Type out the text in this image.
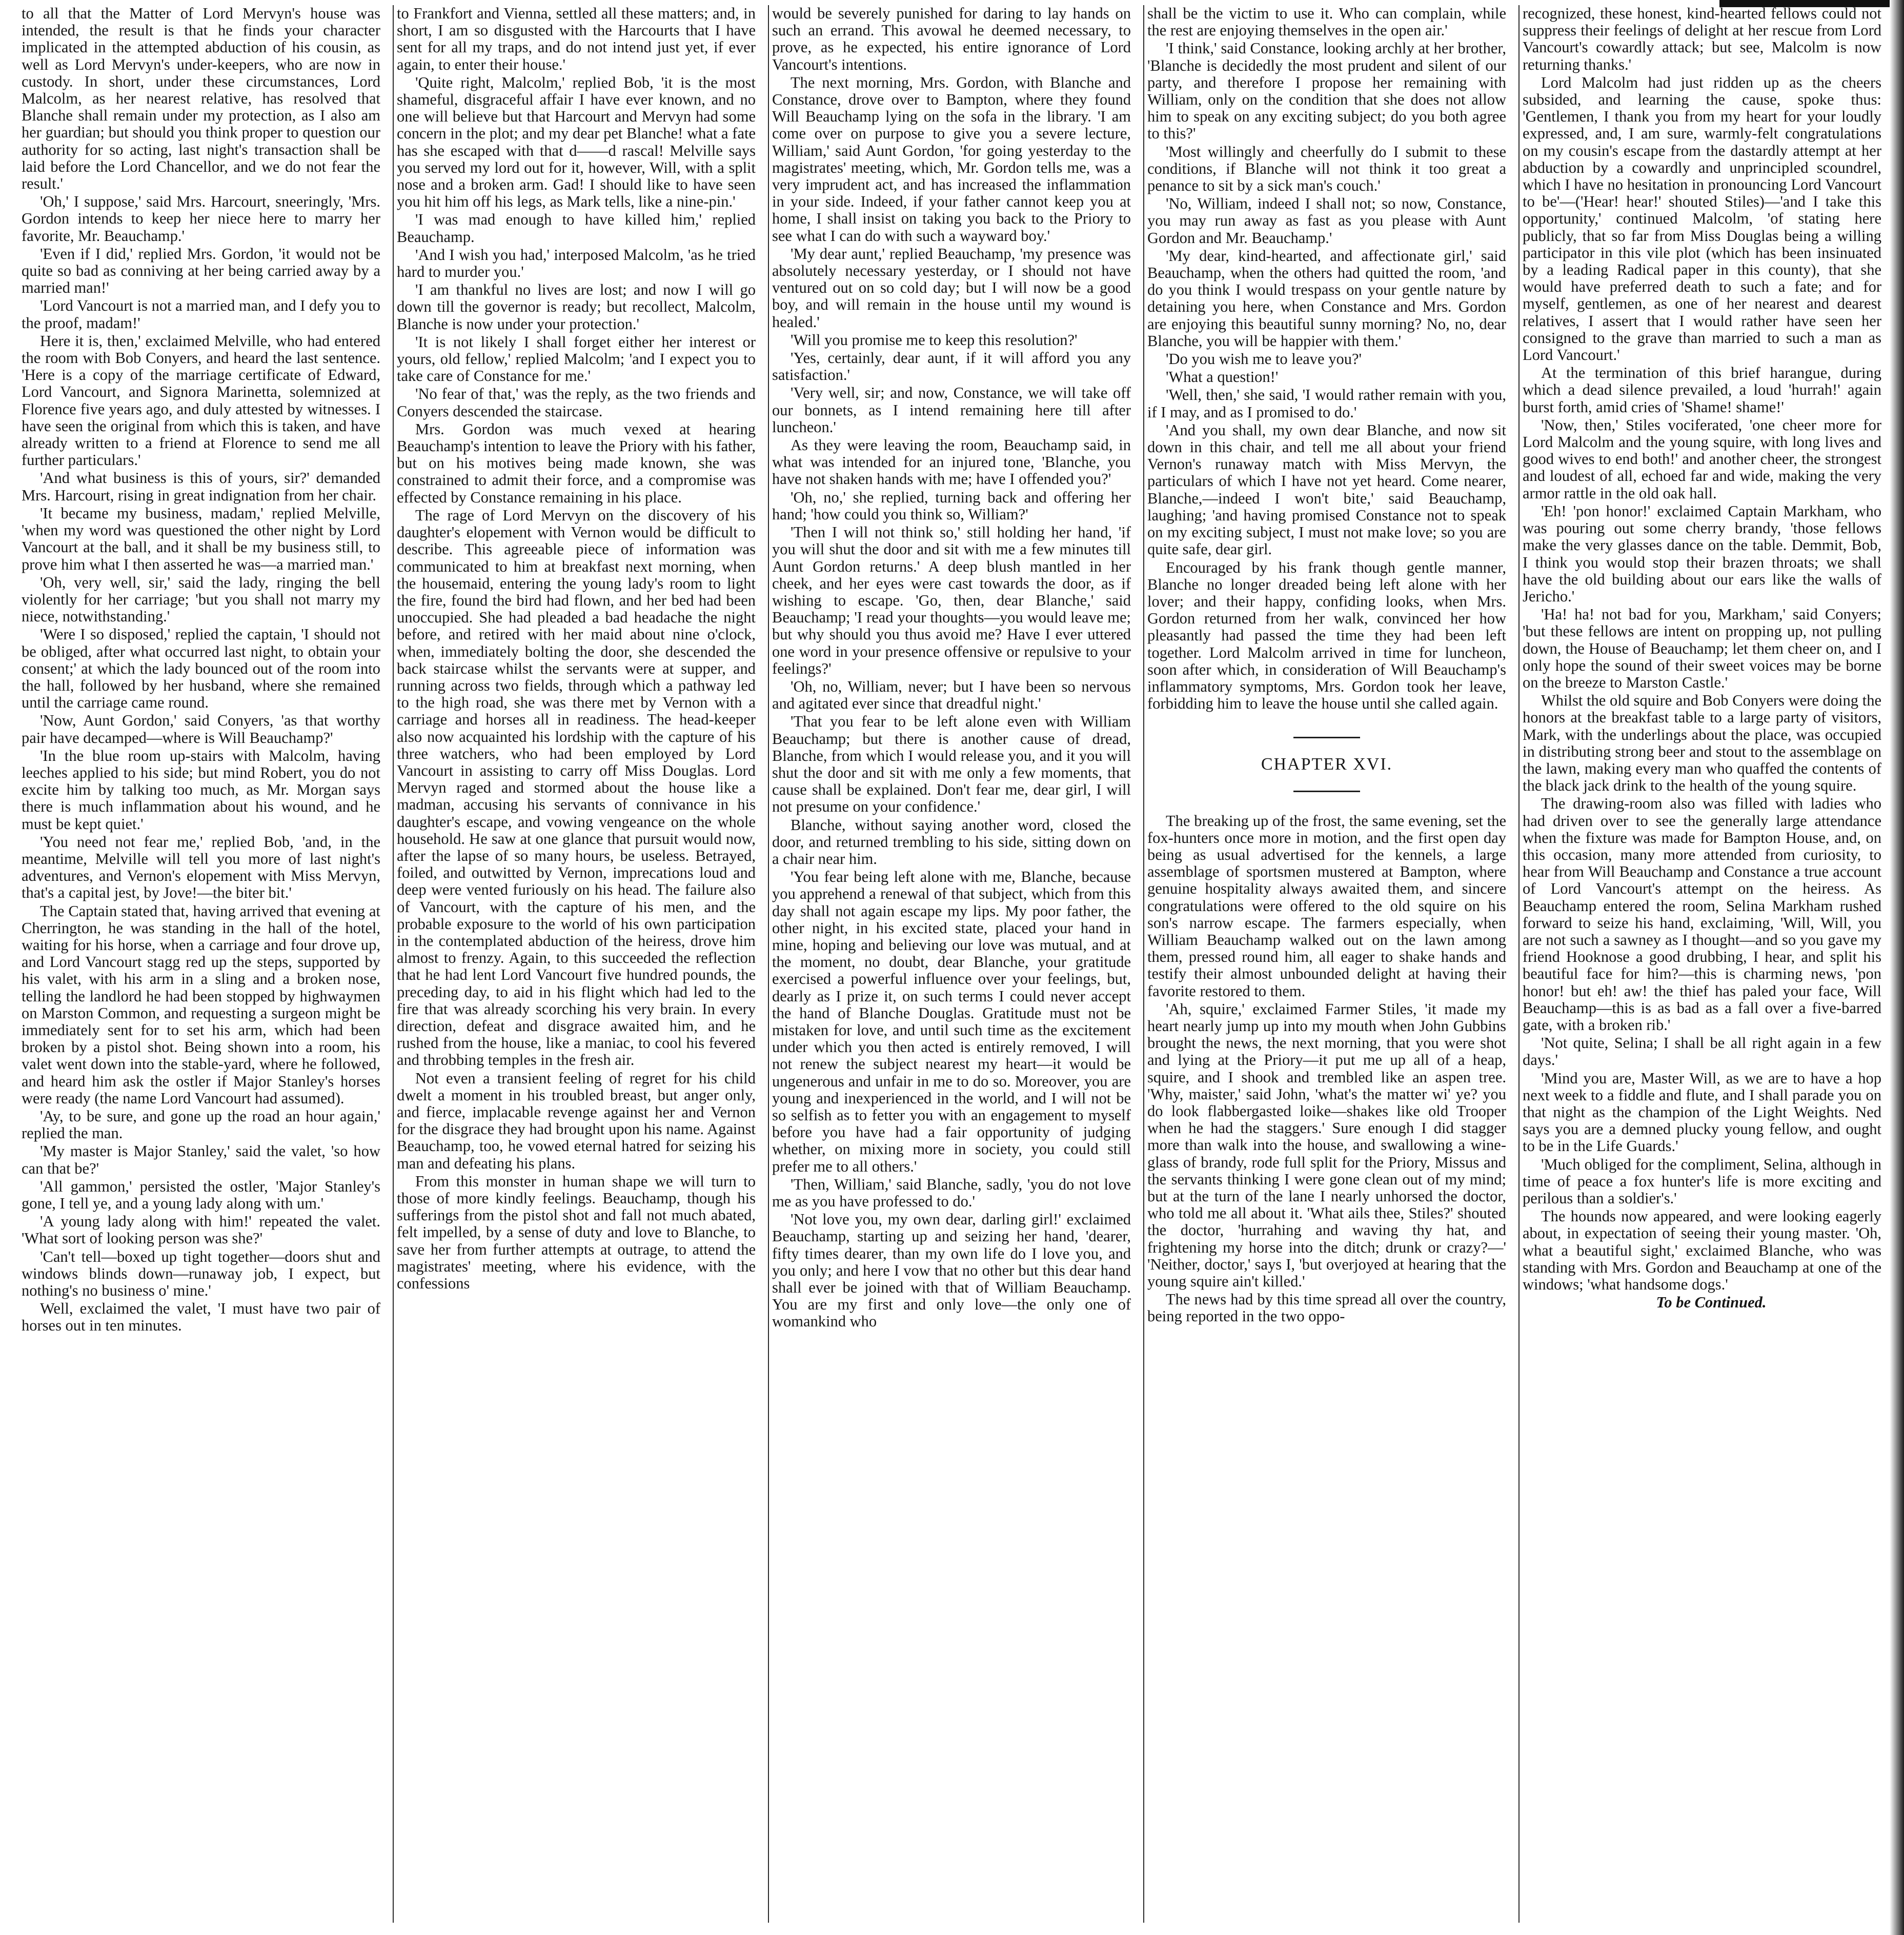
to all that the Matter of Lord Mervyn's house was intended, the result is that he finds your character implicated in the attempted abduction of his cousin, as well as Lord Mervyn's under-keepers, who are now in custody. In short, under these circumstances, Lord Malcolm, as her nearest relative, has resolved that Blanche shall remain under my protection, as I also am her guardian; but should you think proper to question our authority for so acting, last night's transaction shall be laid before the Lord Chancellor, and we do not fear the result.'

'Oh,' I suppose,' said Mrs. Harcourt, sneeringly, 'Mrs. Gordon intends to keep her niece here to marry her favorite, Mr. Beauchamp.'

'Even if I did,' replied Mrs. Gordon, 'it would not be quite so bad as conniving at her being carried away by a married man!'

'Lord Vancourt is not a married man, and I defy you to the proof, madam!'

Here it is, then,' exclaimed Melville, who had entered the room with Bob Conyers, and heard the last sentence. 'Here is a copy of the marriage certificate of Edward, Lord Vancourt, and Signora Marinetta, solemnized at Florence five years ago, and duly attested by witnesses. I have seen the original from which this is taken, and have already written to a friend at Florence to send me all further particulars.'

'And what business is this of yours, sir?' demanded Mrs. Harcourt, rising in great indignation from her chair.

'It became my business, madam,' replied Melville, 'when my word was questioned the other night by Lord Vancourt at the ball, and it shall be my business still, to prove him what I then asserted he was—a married man.'

'Oh, very well, sir,' said the lady, ringing the bell violently for her carriage; 'but you shall not marry my niece, notwithstanding.'

'Were I so disposed,' replied the captain, 'I should not be obliged, after what occurred last night, to obtain your consent;' at which the lady bounced out of the room into the hall, followed by her husband, where she remained until the carriage came round.

'Now, Aunt Gordon,' said Conyers, 'as that worthy pair have decamped—where is Will Beauchamp?'

'In the blue room up-stairs with Malcolm, having leeches applied to his side; but mind Robert, you do not excite him by talking too much, as Mr. Morgan says there is much inflammation about his wound, and he must be kept quiet.'

'You need not fear me,' replied Bob, 'and, in the meantime, Melville will tell you more of last night's adventures, and Vernon's elopement with Miss Mervyn, that's a capital jest, by Jove!—the biter bit.'

The Captain stated that, having arrived that evening at Cherrington, he was standing in the hall of the hotel, waiting for his horse, when a carriage and four drove up, and Lord Vancourt stagg red up the steps, supported by his valet, with his arm in a sling and a broken nose, telling the landlord he had been stopped by highwaymen on Marston Common, and requesting a surgeon might be immediately sent for to set his arm, which had been broken by a pistol shot. Being shown into a room, his valet went down into the stable-yard, where he followed, and heard him ask the ostler if Major Stanley's horses were ready (the name Lord Vancourt had assumed).

'Ay, to be sure, and gone up the road an hour again,' replied the man.

'My master is Major Stanley,' said the valet, 'so how can that be?'

'All gammon,' persisted the ostler, 'Major Stanley's gone, I tell ye, and a young lady along with um.'

'A young lady along with him!' repeated the valet. 'What sort of looking person was she?'

'Can't tell—boxed up tight together—doors shut and windows blinds down—runaway job, I expect, but nothing's no business o' mine.'

Well, exclaimed the valet, 'I must have two pair of horses out in ten minutes.

to Frankfort and Vienna, settled all these matters; and, in short, I am so disgusted with the Harcourts that I have sent for all my traps, and do not intend just yet, if ever again, to enter their house.'

'Quite right, Malcolm,' replied Bob, 'it is the most shameful, disgraceful affair I have ever known, and no one will believe but that Harcourt and Mervyn had some concern in the plot; and my dear pet Blanche! what a fate has she escaped with that d——d rascal! Melville says you served my lord out for it, however, Will, with a split nose and a broken arm. Gad! I should like to have seen you hit him off his legs, as Mark tells, like a nine-pin.'

'I was mad enough to have killed him,' replied Beauchamp.

'And I wish you had,' interposed Malcolm, 'as he tried hard to murder you.'

'I am thankful no lives are lost; and now I will go down till the governor is ready; but recollect, Malcolm, Blanche is now under your protection.'

'It is not likely I shall forget either her interest or yours, old fellow,' replied Malcolm; 'and I expect you to take care of Constance for me.'

'No fear of that,' was the reply, as the two friends and Conyers descended the staircase.

Mrs. Gordon was much vexed at hearing Beauchamp's intention to leave the Priory with his father, but on his motives being made known, she was constrained to admit their force, and a compromise was effected by Constance remaining in his place.

The rage of Lord Mervyn on the discovery of his daughter's elopement with Vernon would be difficult to describe. This agreeable piece of information was communicated to him at breakfast next morning, when the housemaid, entering the young lady's room to light the fire, found the bird had flown, and her bed had been unoccupied. She had pleaded a bad headache the night before, and retired with her maid about nine o'clock, when, immediately bolting the door, she descended the back staircase whilst the servants were at supper, and running across two fields, through which a pathway led to the high road, she was there met by Vernon with a carriage and horses all in readiness. The head-keeper also now acquainted his lordship with the capture of his three watchers, who had been employed by Lord Vancourt in assisting to carry off Miss Douglas. Lord Mervyn raged and stormed about the house like a madman, accusing his servants of connivance in his daughter's escape, and vowing vengeance on the whole household. He saw at one glance that pursuit would now, after the lapse of so many hours, be useless. Betrayed, foiled, and outwitted by Vernon, imprecations loud and deep were vented furiously on his head. The failure also of Vancourt, with the capture of his men, and the probable exposure to the world of his own participation in the contemplated abduction of the heiress, drove him almost to frenzy. Again, to this succeeded the reflection that he had lent Lord Vancourt five hundred pounds, the preceding day, to aid in his flight which had led to the fire that was already scorching his very brain. In every direction, defeat and disgrace awaited him, and he rushed from the house, like a maniac, to cool his fevered and throbbing temples in the fresh air.

Not even a transient feeling of regret for his child dwelt a moment in his troubled breast, but anger only, and fierce, implacable revenge against her and Vernon for the disgrace they had brought upon his name. Against Beauchamp, too, he vowed eternal hatred for seizing his man and defeating his plans.

From this monster in human shape we will turn to those of more kindly feelings. Beauchamp, though his sufferings from the pistol shot and fall not much abated, felt impelled, by a sense of duty and love to Blanche, to save her from further attempts at outrage, to attend the magistrates' meeting, where his evidence, with the confessions

would be severely punished for daring to lay hands on such an errand. This avowal he deemed necessary, to prove, as he expected, his entire ignorance of Lord Vancourt's intentions.

The next morning, Mrs. Gordon, with Blanche and Constance, drove over to Bampton, where they found Will Beauchamp lying on the sofa in the library. 'I am come over on purpose to give you a severe lecture, William,' said Aunt Gordon, 'for going yesterday to the magistrates' meeting, which, Mr. Gordon tells me, was a very imprudent act, and has increased the inflammation in your side. Indeed, if your father cannot keep you at home, I shall insist on taking you back to the Priory to see what I can do with such a wayward boy.'

'My dear aunt,' replied Beauchamp, 'my presence was absolutely necessary yesterday, or I should not have ventured out on so cold day; but I will now be a good boy, and will remain in the house until my wound is healed.'

'Will you promise me to keep this resolution?'

'Yes, certainly, dear aunt, if it will afford you any satisfaction.'

'Very well, sir; and now, Constance, we will take off our bonnets, as I intend remaining here till after luncheon.'

As they were leaving the room, Beauchamp said, in what was intended for an injured tone, 'Blanche, you have not shaken hands with me; have I offended you?'

'Oh, no,' she replied, turning back and offering her hand; 'how could you think so, William?'

'Then I will not think so,' still holding her hand, 'if you will shut the door and sit with me a few minutes till Aunt Gordon returns.' A deep blush mantled in her cheek, and her eyes were cast towards the door, as if wishing to escape. 'Go, then, dear Blanche,' said Beauchamp; 'I read your thoughts—you would leave me; but why should you thus avoid me? Have I ever uttered one word in your presence offensive or repulsive to your feelings?'

'Oh, no, William, never; but I have been so nervous and agitated ever since that dreadful night.'

'That you fear to be left alone even with William Beauchamp; but there is another cause of dread, Blanche, from which I would release you, and it you will shut the door and sit with me only a few moments, that cause shall be explained. Don't fear me, dear girl, I will not presume on your confidence.'

Blanche, without saying another word, closed the door, and returned trembling to his side, sitting down on a chair near him.

'You fear being left alone with me, Blanche, because you apprehend a renewal of that subject, which from this day shall not again escape my lips. My poor father, the other night, in his excited state, placed your hand in mine, hoping and believing our love was mutual, and at the moment, no doubt, dear Blanche, your gratitude exercised a powerful influence over your feelings, but, dearly as I prize it, on such terms I could never accept the hand of Blanche Douglas. Gratitude must not be mistaken for love, and until such time as the excitement under which you then acted is entirely removed, I will not renew the subject nearest my heart—it would be ungenerous and unfair in me to do so. Moreover, you are young and inexperienced in the world, and I will not be so selfish as to fetter you with an engagement to myself before you have had a fair opportunity of judging whether, on mixing more in society, you could still prefer me to all others.'

'Then, William,' said Blanche, sadly, 'you do not love me as you have professed to do.'

'Not love you, my own dear, darling girl!' exclaimed Beauchamp, starting up and seizing her hand, 'dearer, fifty times dearer, than my own life do I love you, and you only; and here I vow that no other but this dear hand shall ever be joined with that of William Beauchamp. You are my first and only love—the only one of womankind who

shall be the victim to use it. Who can complain, while the rest are enjoying themselves in the open air.'

'I think,' said Constance, looking archly at her brother, 'Blanche is decidedly the most prudent and silent of our party, and therefore I propose her remaining with William, only on the condition that she does not allow him to speak on any exciting subject; do you both agree to this?'

'Most willingly and cheerfully do I submit to these conditions, if Blanche will not think it too great a penance to sit by a sick man's couch.'

'No, William, indeed I shall not; so now, Constance, you may run away as fast as you please with Aunt Gordon and Mr. Beauchamp.'

'My dear, kind-hearted, and affectionate girl,' said Beauchamp, when the others had quitted the room, 'and do you think I would trespass on your gentle nature by detaining you here, when Constance and Mrs. Gordon are enjoying this beautiful sunny morning? No, no, dear Blanche, you will be happier with them.'

'Do you wish me to leave you?'

'What a question!'

'Well, then,' she said, 'I would rather remain with you, if I may, and as I promised to do.'

'And you shall, my own dear Blanche, and now sit down in this chair, and tell me all about your friend Vernon's runaway match with Miss Mervyn, the particulars of which I have not yet heard. Come nearer, Blanche,—indeed I won't bite,' said Beauchamp, laughing; 'and having promised Constance not to speak on my exciting subject, I must not make love; so you are quite safe, dear girl.

Encouraged by his frank though gentle manner, Blanche no longer dreaded being left alone with her lover; and their happy, confiding looks, when Mrs. Gordon returned from her walk, convinced her how pleasantly had passed the time they had been left together. Lord Malcolm arrived in time for luncheon, soon after which, in consideration of Will Beauchamp's inflammatory symptoms, Mrs. Gordon took her leave, forbidding him to leave the house until she called again.

CHAPTER XVI.

The breaking up of the frost, the same evening, set the fox-hunters once more in motion, and the first open day being as usual advertised for the kennels, a large assemblage of sportsmen mustered at Bampton, where genuine hospitality always awaited them, and sincere congratulations were offered to the old squire on his son's narrow escape. The farmers especially, when William Beauchamp walked out on the lawn among them, pressed round him, all eager to shake hands and testify their almost unbounded delight at having their favorite restored to them.

'Ah, squire,' exclaimed Farmer Stiles, 'it made my heart nearly jump up into my mouth when John Gubbins brought the news, the next morning, that you were shot and lying at the Priory—it put me up all of a heap, squire, and I shook and trembled like an aspen tree. 'Why, maister,' said John, 'what's the matter wi' ye? you do look flabbergasted loike—shakes like old Trooper when he had the staggers.' Sure enough I did stagger more than walk into the house, and swallowing a wine-glass of brandy, rode full split for the Priory, Missus and the servants thinking I were gone clean out of my mind; but at the turn of the lane I nearly unhorsed the doctor, who told me all about it. 'What ails thee, Stiles?' shouted the doctor, 'hurrahing and waving thy hat, and frightening my horse into the ditch; drunk or crazy?—' 'Neither, doctor,' says I, 'but overjoyed at hearing that the young squire ain't killed.'

The news had by this time spread all over the country, being reported in the two oppo-

recognized, these honest, kind-hearted fellows could not suppress their feelings of delight at her rescue from Lord Vancourt's cowardly attack; but see, Malcolm is now returning thanks.'

Lord Malcolm had just ridden up as the cheers subsided, and learning the cause, spoke thus: 'Gentlemen, I thank you from my heart for your loudly expressed, and, I am sure, warmly-felt congratulations on my cousin's escape from the dastardly attempt at her abduction by a cowardly and unprincipled scoundrel, which I have no hesitation in pronouncing Lord Vancourt to be'—('Hear! hear!' shouted Stiles)—'and I take this opportunity,' continued Malcolm, 'of stating here publicly, that so far from Miss Douglas being a willing participator in this vile plot (which has been insinuated by a leading Radical paper in this county), that she would have preferred death to such a fate; and for myself, gentlemen, as one of her nearest and dearest relatives, I assert that I would rather have seen her consigned to the grave than married to such a man as Lord Vancourt.'

At the termination of this brief harangue, during which a dead silence prevailed, a loud 'hurrah!' again burst forth, amid cries of 'Shame! shame!'

'Now, then,' Stiles vociferated, 'one cheer more for Lord Malcolm and the young squire, with long lives and good wives to end both!' and another cheer, the strongest and loudest of all, echoed far and wide, making the very armor rattle in the old oak hall.

'Eh! 'pon honor!' exclaimed Captain Markham, who was pouring out some cherry brandy, 'those fellows make the very glasses dance on the table. Demmit, Bob, I think you would stop their brazen throats; we shall have the old building about our ears like the walls of Jericho.'

'Ha! ha! not bad for you, Markham,' said Conyers; 'but these fellows are intent on propping up, not pulling down, the House of Beauchamp; let them cheer on, and I only hope the sound of their sweet voices may be borne on the breeze to Marston Castle.'

Whilst the old squire and Bob Conyers were doing the honors at the breakfast table to a large party of visitors, Mark, with the underlings about the place, was occupied in distributing strong beer and stout to the assemblage on the lawn, making every man who quaffed the contents of the black jack drink to the health of the young squire.

The drawing-room also was filled with ladies who had driven over to see the generally large attendance when the fixture was made for Bampton House, and, on this occasion, many more attended from curiosity, to hear from Will Beauchamp and Constance a true account of Lord Vancourt's attempt on the heiress. As Beauchamp entered the room, Selina Markham rushed forward to seize his hand, exclaiming, 'Will, Will, you are not such a sawney as I thought—and so you gave my friend Hooknose a good drubbing, I hear, and split his beautiful face for him?—this is charming news, 'pon honor! but eh! aw! the thief has paled your face, Will Beauchamp—this is as bad as a fall over a five-barred gate, with a broken rib.'

'Not quite, Selina; I shall be all right again in a few days.'

'Mind you are, Master Will, as we are to have a hop next week to a fiddle and flute, and I shall parade you on that night as the champion of the Light Weights. Ned says you are a demned plucky young fellow, and ought to be in the Life Guards.'

'Much obliged for the compliment, Selina, although in time of peace a fox hunter's life is more exciting and perilous than a soldier's.'

The hounds now appeared, and were looking eagerly about, in expectation of seeing their young master. 'Oh, what a beautiful sight,' exclaimed Blanche, who was standing with Mrs. Gordon and Beauchamp at one of the windows; 'what handsome dogs.'

To be Continued.
